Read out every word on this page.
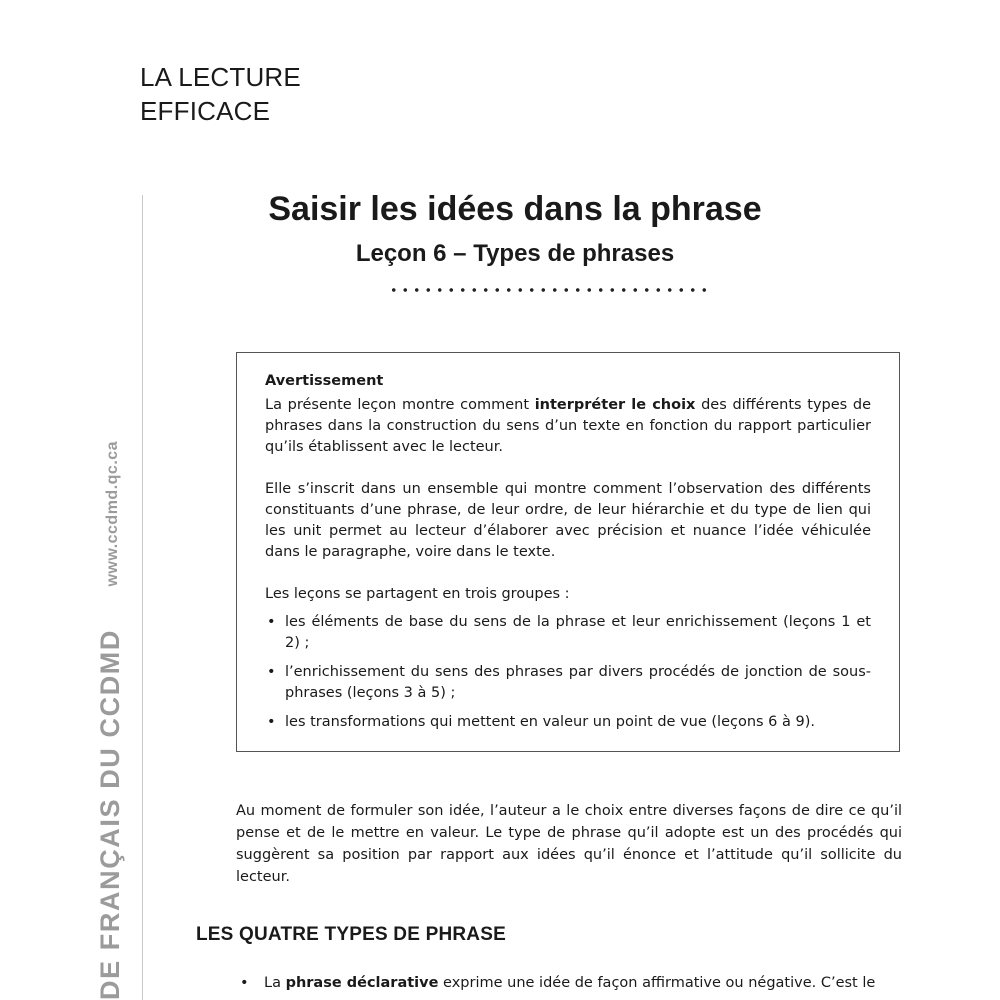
LA LECTURE
EFFICACE
DE FRANÇAIS DU CCDMD www.ccdmd.qc.ca
Saisir les idées dans la phrase
Leçon 6 – Types de phrases
Avertissement

La présente leçon montre comment interpréter le choix des différents types de phrases dans la construction du sens d’un texte en fonction du rapport particulier qu’ils établissent avec le lecteur.

Elle s’inscrit dans un ensemble qui montre comment l’observation des différents constituants d’une phrase, de leur ordre, de leur hiérarchie et du type de lien qui les unit permet au lecteur d’élaborer avec précision et nuance l’idée véhiculée dans le paragraphe, voire dans le texte.

Les leçons se partagent en trois groupes :

• les éléments de base du sens de la phrase et leur enrichissement (leçons 1 et 2) ;
• l’enrichissement du sens des phrases par divers procédés de jonction de sous-phrases (leçons 3 à 5) ;
• les transformations qui mettent en valeur un point de vue (leçons 6 à 9).
Au moment de formuler son idée, l’auteur a le choix entre diverses façons de dire ce qu’il pense et de le mettre en valeur. Le type de phrase qu’il adopte est un des procédés qui suggèrent sa position par rapport aux idées qu’il énonce et l’attitude qu’il sollicite du lecteur.
LES QUATRE TYPES DE PHRASE
• La phrase déclarative exprime une idée de façon affirmative ou négative. C’est le
